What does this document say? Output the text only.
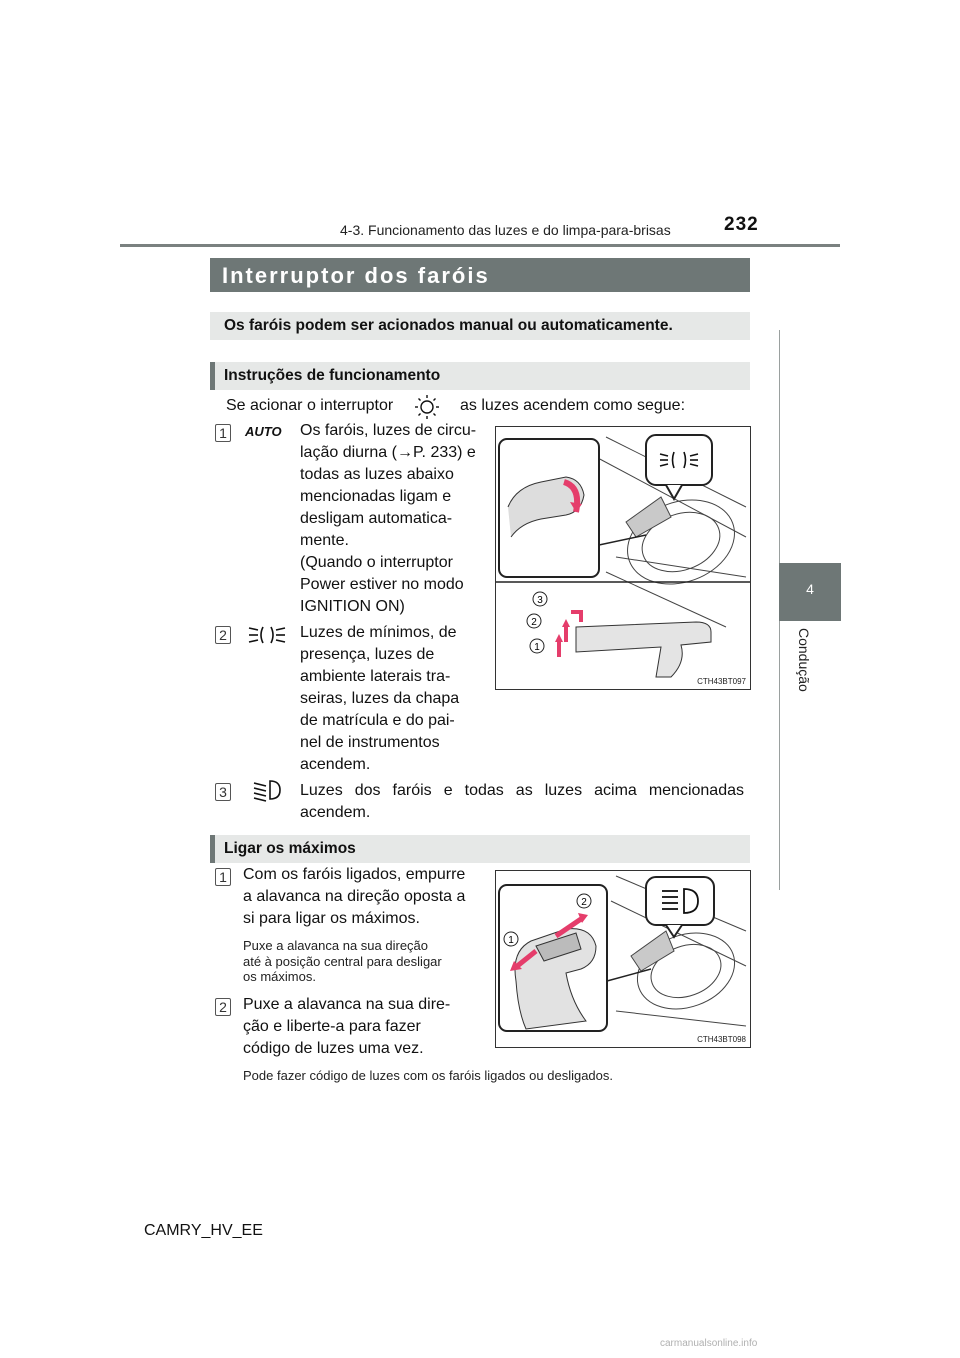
4-3. Funcionamento das luzes e do limpa-para-brisas	232
4
Condução
Interruptor dos faróis
Os faróis podem ser acionados manual ou automaticamente.
Instruções de funcionamento
Se acionar o interruptor	as luzes acendem como segue:
1	AUTO Os faróis, luzes de circu-
lação diurna (→P. 233) e
todas as luzes abaixo
mencionadas ligam e
desligam automatica-
mente.
(Quando o interruptor
Power estiver no modo
IGNITION ON)
2	Luzes de mínimos, de
presença, luzes de
ambiente laterais tra-
seiras, luzes da chapa
de matrícula e do pai-
nel de instrumentos
acendem.
3
2
1
CTH43BT097
3	Luzes dos faróis e todas as luzes acima mencionadas
acendem.
Ligar os máximos
1 Com os faróis ligados, empurre
a alavanca na direção oposta a
si para ligar os máximos.
Puxe a alavanca na sua direção
até à posição central para desligar
os máximos.
2 Puxe a alavanca na sua dire-
ção e liberte-a para fazer
código de luzes uma vez.
2
1
CTH43BT098
Pode fazer código de luzes com os faróis ligados ou desligados.
CAMRY_HV_EE
carmanualsonline.info
